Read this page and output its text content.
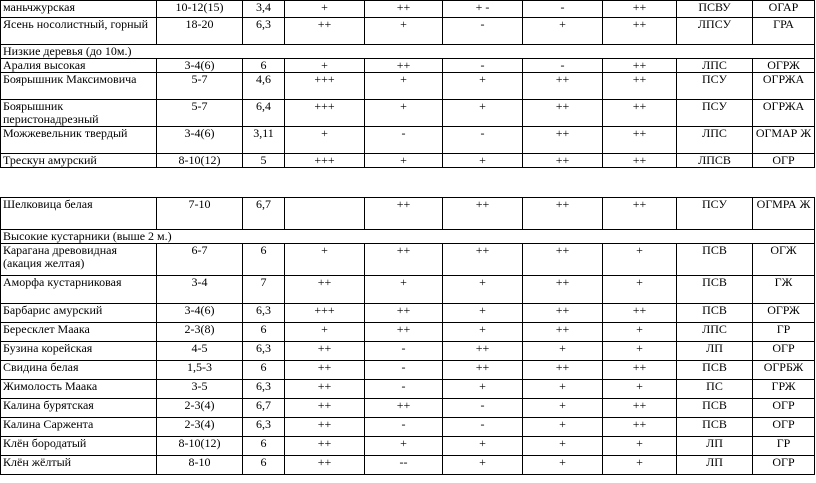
маньчжурская	10-12(15)	3,4	+	++	+ -	-	++	ПСВУ	ОГАР
Ясень носолистный, горный	18-20	6,3	++	+	-	+	++	ЛПСУ	ГРА
Низкие деревья (до 10м.)									
Аралия высокая	3-4(6)	6	+	++	-	-	++	ЛПС	ОГРЖ
Боярышник Максимовича	5-7	4,6	+++	+	+	++	++	ПСУ	ОГРЖА
Боярышник перистонадрезный	5-7	6,4	+++	+	+	++	++	ПСУ	ОГРЖА
Можжевельник твердый	3-4(6)	3,11	+	-	-	++	++	ЛПС	ОГМАР Ж
Трескун амурский	8-10(12)	5	+++	+	+	++	++	ЛПСВ	ОГР

Шелковица белая	7-10	6,7		++	++	++	++	ПСУ	ОГМРА Ж
Высокие кустарники (выше 2 м.)									
Карагана древовидная (акация желтая)	6-7	6	+	++	++	++	+	ПСВ	ОГЖ
Аморфа кустарниковая	3-4	7	++	+	+	++	+	ПСВ	ГЖ
Барбарис амурский	3-4(6)	6,3	+++	++	+	++	++	ПСВ	ОГРЖ
Бересклет Маака	2-3(8)	6	+	++	+	++	+	ЛПС	ГР
Бузина корейская	4-5	6,3	++	-	++	+	+	ЛП	ОГР
Свидина белая	1,5-3	6	++	-	++	++	++	ПСВ	ОГРБЖ
Жимолость Маака	3-5	6,3	++	-	+	+	+	ПС	ГРЖ
Калина бурятская	2-3(4)	6,7	++	++	-	+	++	ПСВ	ОГР
Калина Саржента	2-3(4)	6,3	++	-	-	+	++	ПСВ	ОГР
Клён бородатый	8-10(12)	6	++	+	+	+	+	ЛП	ГР
Клён жёлтый	8-10	6	++	--	+	+	+	ЛП	ОГР
